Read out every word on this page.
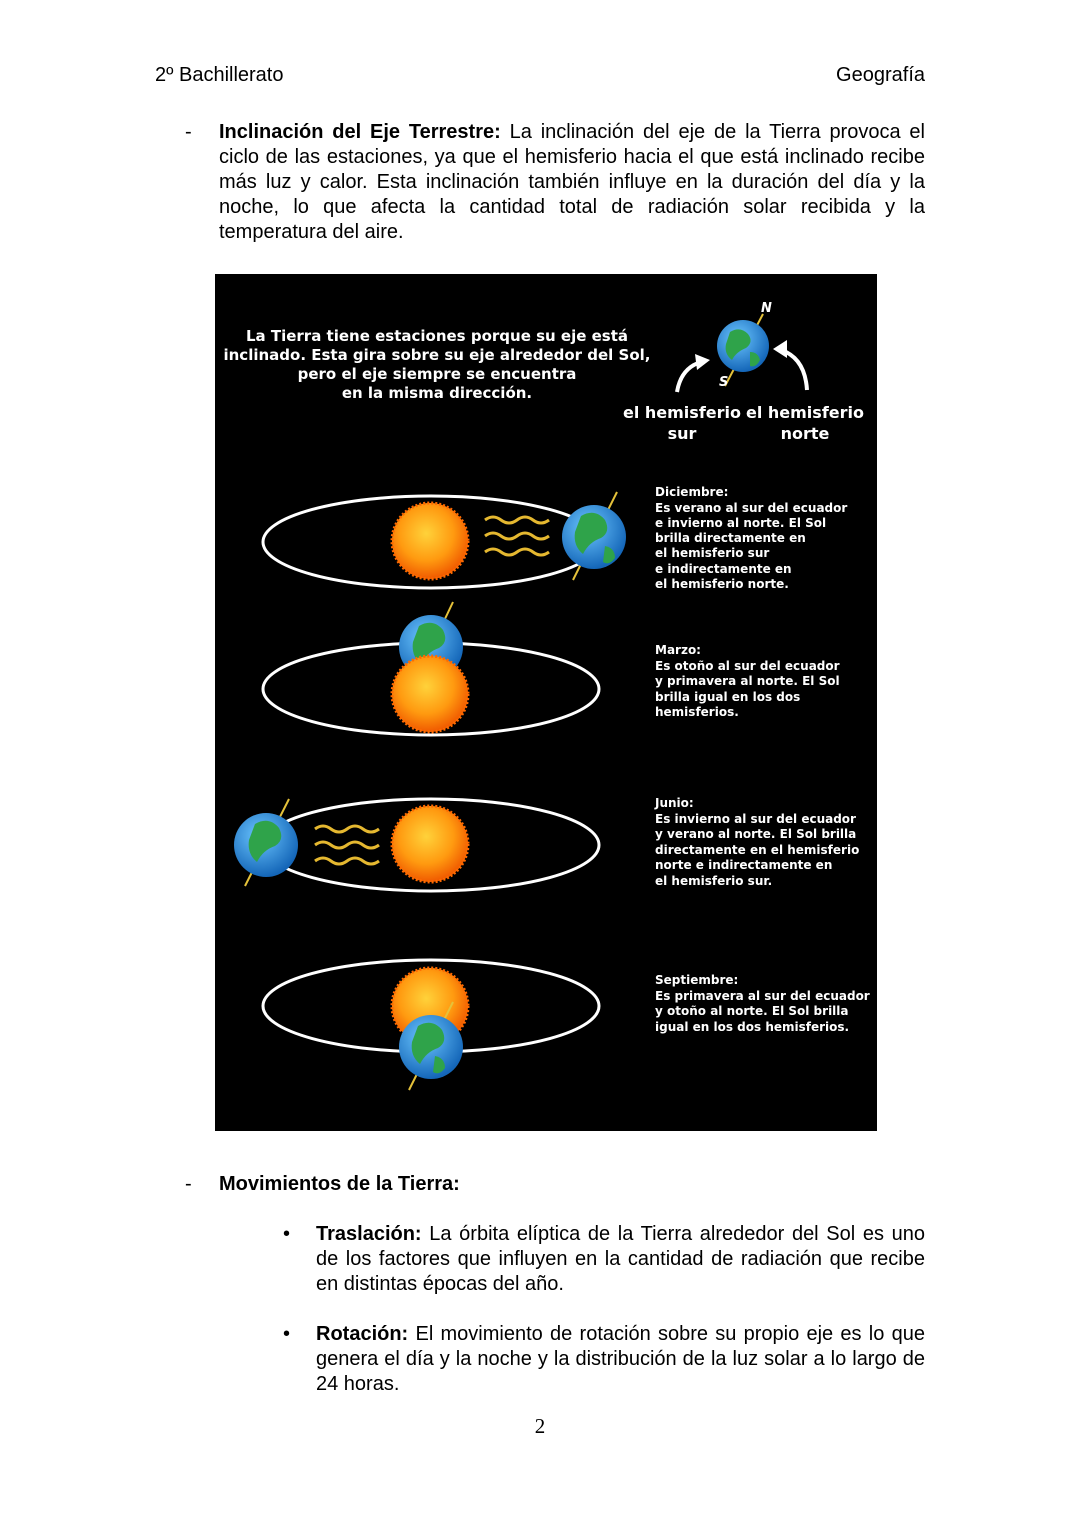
2º Bachillerato	Geografía
-	Inclinación del Eje Terrestre: La inclinación del eje de la Tierra provoca el ciclo de las estaciones, ya que el hemisferio hacia el que está inclinado recibe más luz y calor. Esta inclinación también influye en la duración del día y la noche, lo que afecta la cantidad total de radiación solar recibida y la temperatura del aire.
La Tierra tiene estaciones porque su eje está
inclinado. Esta gira sobre su eje alrededor del Sol,
pero el eje siempre se encuentra
en la misma dirección.
N
S
el hemisferio
sur
el hemisferio
norte
Diciembre:
Es verano al sur del ecuador
e invierno al norte. El Sol
brilla directamente en
el hemisferio sur
e indirectamente en
el hemisferio norte.
Marzo:
Es otoño al sur del ecuador
y primavera al norte. El Sol
brilla igual en los dos
hemisferios.
Junio:
Es invierno al sur del ecuador
y verano al norte. El Sol brilla
directamente en el hemisferio
norte e indirectamente en
el hemisferio sur.
Septiembre:
Es primavera al sur del ecuador
y otoño al norte. El Sol brilla
igual en los dos hemisferios.
-	Movimientos de la Tierra:
•	Traslación: La órbita elíptica de la Tierra alrededor del Sol es uno de los factores que influyen en la cantidad de radiación que recibe en distintas épocas del año.
•	Rotación: El movimiento de rotación sobre su propio eje es lo que genera el día y la noche y la distribución de la luz solar a lo largo de 24 horas.
2
